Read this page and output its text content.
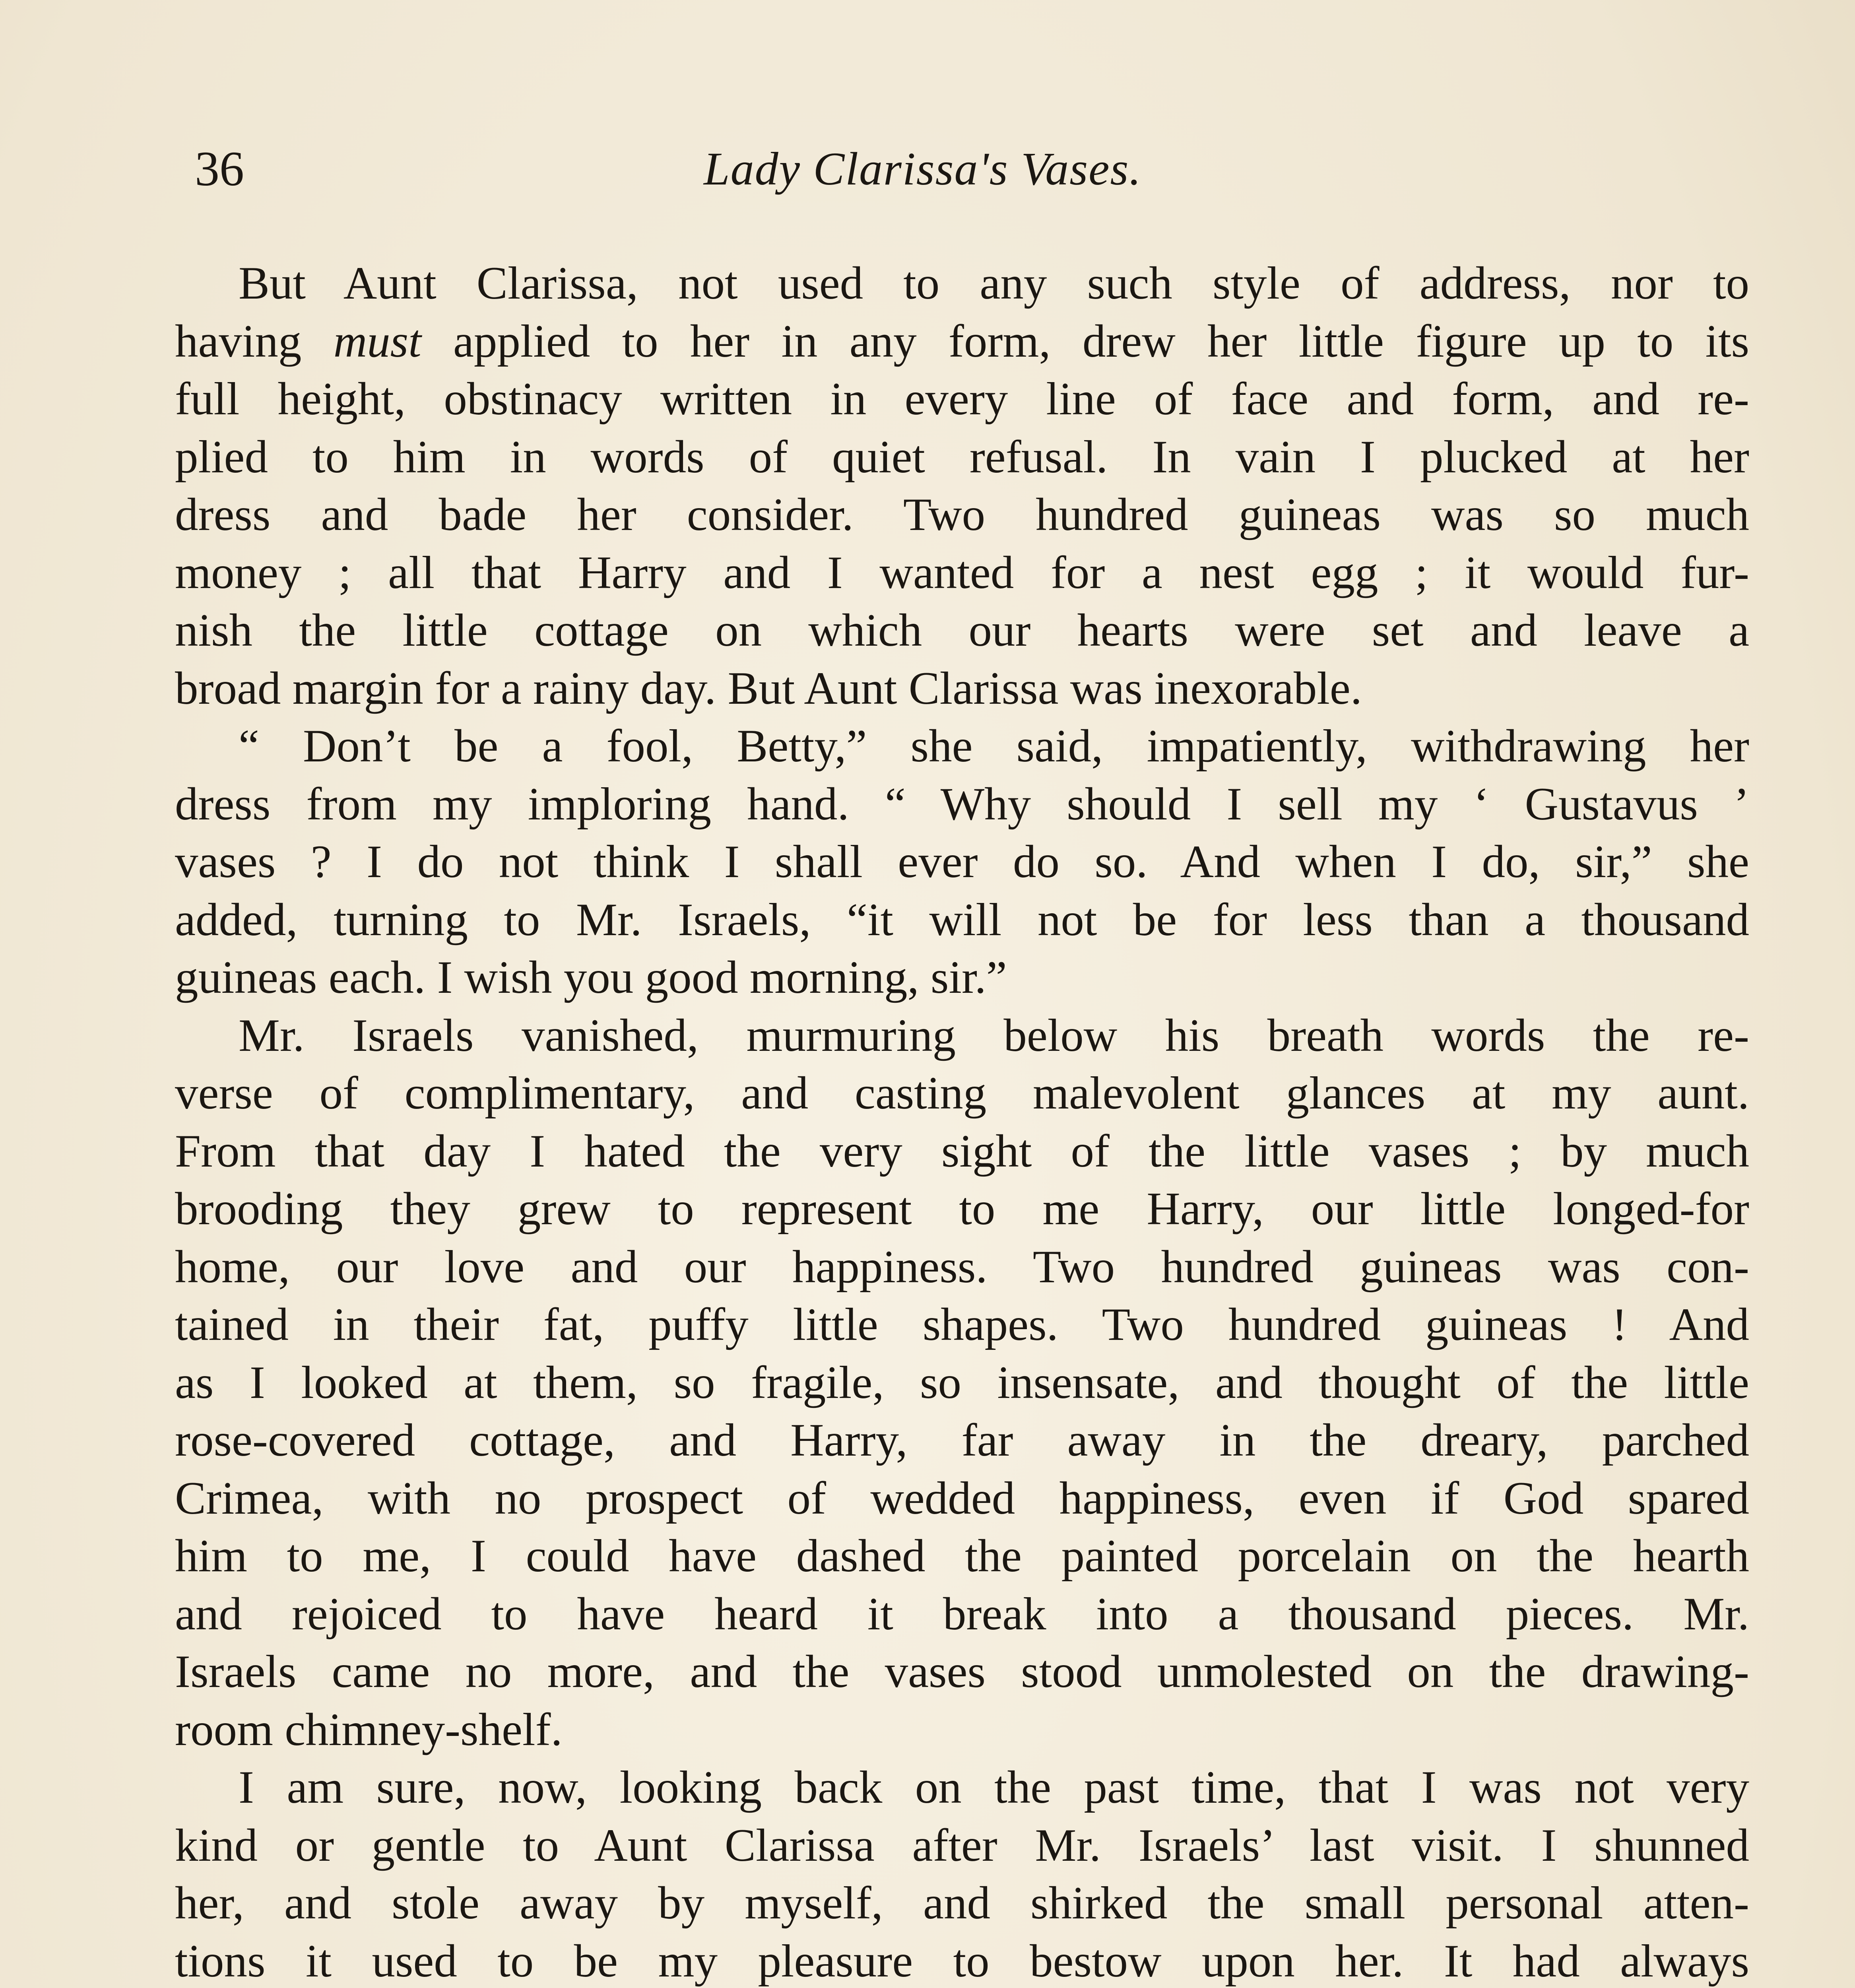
36	Lady Clarissa's Vases.

But Aunt Clarissa, not used to any such style of address, nor to
having must applied to her in any form, drew her little figure up to its
full height, obstinacy written in every line of face and form, and re-
plied to him in words of quiet refusal. In vain I plucked at her
dress and bade her consider. Two hundred guineas was so much
money ; all that Harry and I wanted for a nest egg ; it would fur-
nish the little cottage on which our hearts were set and leave a
broad margin for a rainy day. But Aunt Clarissa was inexorable.

“ Don’t be a fool, Betty,” she said, impatiently, withdrawing her
dress from my imploring hand. “ Why should I sell my ‘ Gustavus ’
vases ? I do not think I shall ever do so. And when I do, sir,” she
added, turning to Mr. Israels, “it will not be for less than a thousand
guineas each. I wish you good morning, sir.”

Mr. Israels vanished, murmuring below his breath words the re-
verse of complimentary, and casting malevolent glances at my aunt.
From that day I hated the very sight of the little vases ; by much
brooding they grew to represent to me Harry, our little longed-for
home, our love and our happiness. Two hundred guineas was con-
tained in their fat, puffy little shapes. Two hundred guineas ! And
as I looked at them, so fragile, so insensate, and thought of the little
rose-covered cottage, and Harry, far away in the dreary, parched
Crimea, with no prospect of wedded happiness, even if God spared
him to me, I could have dashed the painted porcelain on the hearth
and rejoiced to have heard it break into a thousand pieces. Mr.
Israels came no more, and the vases stood unmolested on the drawing-
room chimney-shelf.

I am sure, now, looking back on the past time, that I was not very
kind or gentle to Aunt Clarissa after Mr. Israels’ last visit. I shunned
her, and stole away by myself, and shirked the small personal atten-
tions it used to be my pleasure to bestow upon her. It had always
